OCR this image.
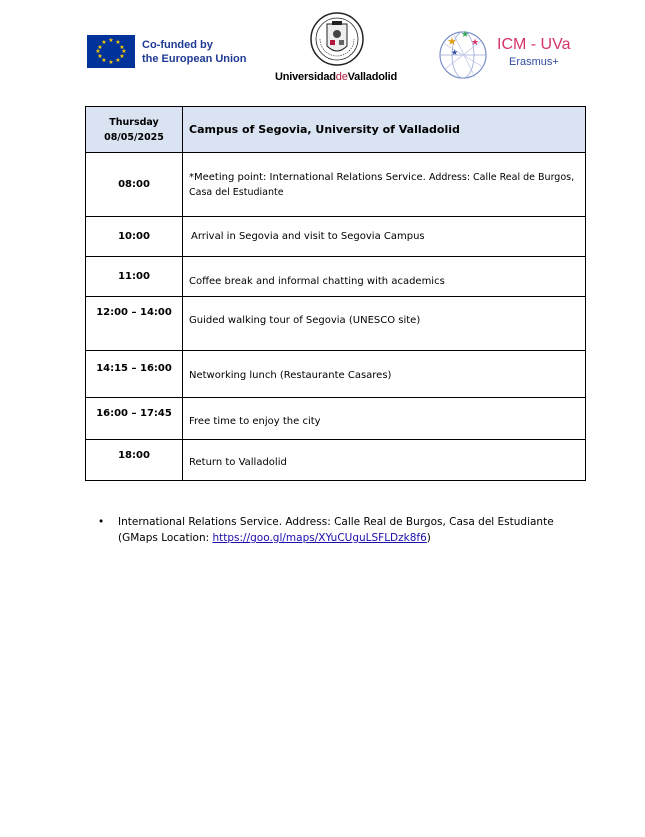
★ ★
★
★
★
★
★
★
★
★
★
★	Co-funded by
the European Union
UniversidaddeValladolid
★
★
★
★ ICM - UVa
Erasmus+
Thursday
08/05/2025	Campus of Segovia, University of Valladolid
08:00	*Meeting point: International Relations Service. Address: Calle Real de Burgos, Casa del Estudiante
10:00	Arrival in Segovia and visit to Segovia Campus
11:00	Coffee break and informal chatting with academics
12:00 – 14:00	Guided walking tour of Segovia (UNESCO site)
14:15 – 16:00	Networking lunch (Restaurante Casares)
16:00 – 17:45	Free time to enjoy the city
18:00	Return to Valladolid
• International Relations Service. Address: Calle Real de Burgos, Casa del Estudiante (GMaps Location: https://goo.gl/maps/XYuCUguLSFLDzk8f6)
